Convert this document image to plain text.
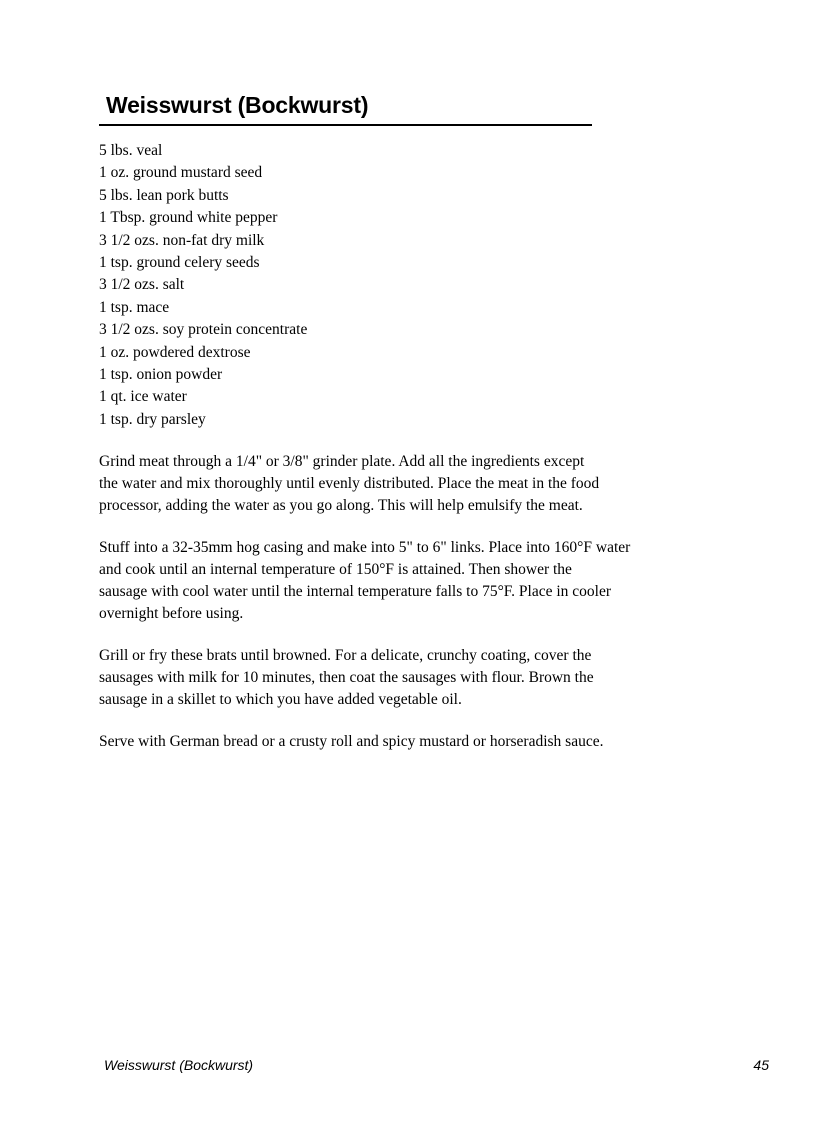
Weisswurst (Bockwurst)
5 lbs. veal
1 oz. ground mustard seed
5 lbs. lean pork butts
1 Tbsp. ground white pepper
3 1/2 ozs. non-fat dry milk
1 tsp. ground celery seeds
3 1/2 ozs. salt
1 tsp. mace
3 1/2 ozs. soy protein concentrate
1 oz. powdered dextrose
1 tsp. onion powder
1 qt. ice water
1 tsp. dry parsley

Grind meat through a 1/4" or 3/8" grinder plate. Add all the ingredients except
the water and mix thoroughly until evenly distributed. Place the meat in the food
processor, adding the water as you go along. This will help emulsify the meat.

Stuff into a 32-35mm hog casing and make into 5" to 6" links. Place into 160°F water
and cook until an internal temperature of 150°F is attained. Then shower the
sausage with cool water until the internal temperature falls to 75°F. Place in cooler
overnight before using.

Grill or fry these brats until browned. For a delicate, crunchy coating, cover the
sausages with milk for 10 minutes, then coat the sausages with flour. Brown the
sausage in a skillet to which you have added vegetable oil.

Serve with German bread or a crusty roll and spicy mustard or horseradish sauce.

Weisswurst (Bockwurst)	45
